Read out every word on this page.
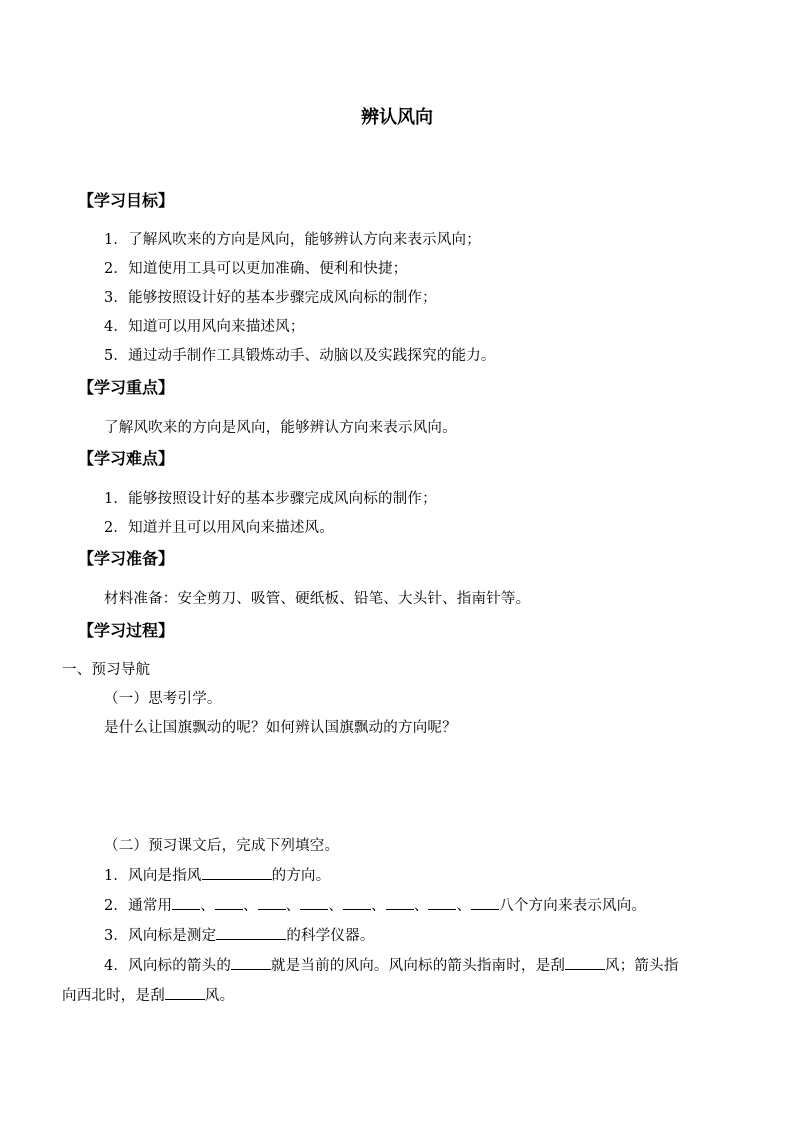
辨认风向
【学习目标】
1．了解风吹来的方向是风向，能够辨认方向来表示风向；
2．知道使用工具可以更加准确、便利和快捷；
3．能够按照设计好的基本步骤完成风向标的制作；
4．知道可以用风向来描述风；
5．通过动手制作工具锻炼动手、动脑以及实践探究的能力。
【学习重点】
了解风吹来的方向是风向，能够辨认方向来表示风向。
【学习难点】
1．能够按照设计好的基本步骤完成风向标的制作；
2．知道并且可以用风向来描述风。
【学习准备】
材料准备：安全剪刀、吸管、硬纸板、铅笔、大头针、指南针等。
【学习过程】
一、预习导航
（一）思考引学。
是什么让国旗飘动的呢？如何辨认国旗飘动的方向呢？
（二）预习课文后，完成下列填空。
1．风向是指风	的方向。
2．通常用 、 、 、 、 、 、 、 八个方向来表示风向。
3．风向标是测定	的科学仪器。
4．风向标的箭头的	就是当前的风向。风向标的箭头指南时，是刮	风；箭头指
向西北时，是刮	风。
